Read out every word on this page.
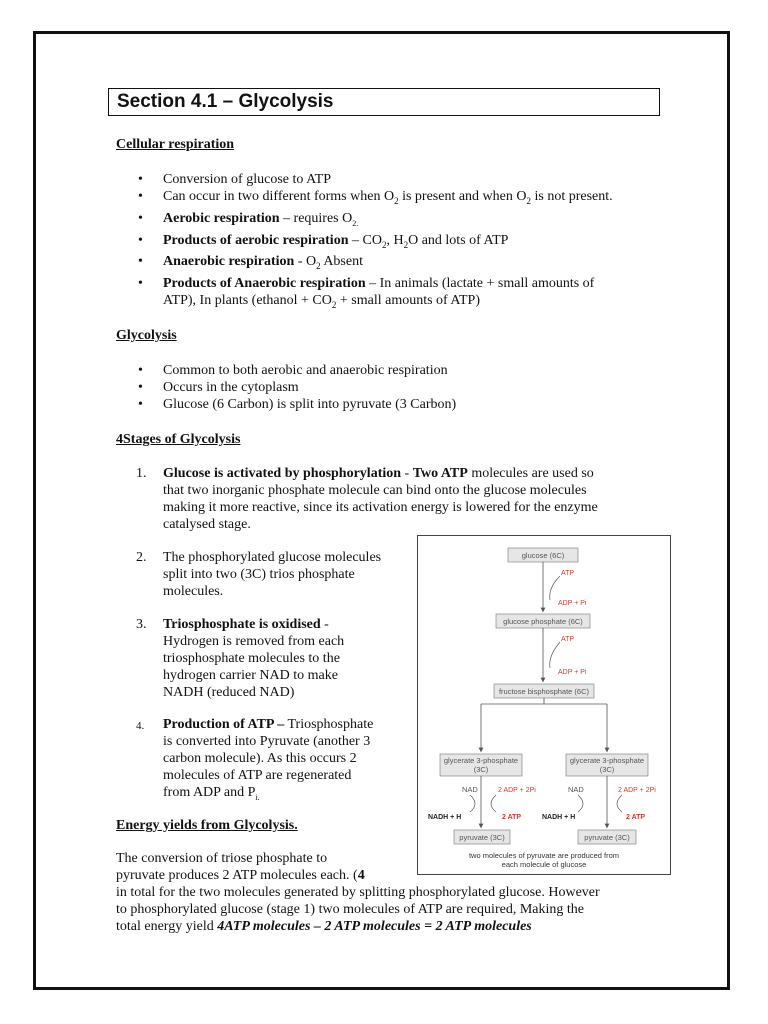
Section 4.1 – Glycolysis
Cellular respiration
• Conversion of glucose to ATP
• Can occur in two different forms when $O_2$ is present and when $O_2$ is not present.
• Aerobic respiration – requires $O_{2.}$
• Products of aerobic respiration – $CO_2$, $H_2O$ and lots of ATP
• Anaerobic respiration - $O_2$ Absent
• Products of Anaerobic respiration – In animals (lactate + small amounts of
ATP), In plants (ethanol + $CO_2$ + small amounts of ATP)
Glycolysis
• Common to both aerobic and anaerobic respiration
• Occurs in the cytoplasm
• Glucose (6 Carbon) is split into pyruvate (3 Carbon)
4Stages of Glycolysis
1. Glucose is activated by phosphorylation - Two ATP molecules are used so
that two inorganic phosphate molecule can bind onto the glucose molecules
making it more reactive, since its activation energy is lowered for the enzyme
catalysed stage.
2. The phosphorylated glucose molecules
split into two (3C) trios phosphate
molecules.
3. Triosphosphate is oxidised -
Hydrogen is removed from each
triosphosphate molecules to the
hydrogen carrier NAD to make
NADH (reduced NAD)
4. Production of ATP – Triosphosphate
is converted into Pyruvate (another 3
carbon molecule). As this occurs 2
molecules of ATP are regenerated
from ADP and $P_{i.}$
Energy yields from Glycolysis.
The conversion of triose phosphate to
pyruvate produces 2 ATP molecules each. (4
in total for the two molecules generated by splitting phosphorylated glucose. However
to phosphorylated glucose (stage 1) two molecules of ATP are required, Making the
total energy yield 4ATP molecules – 2 ATP molecules = 2 ATP molecules
glucose (6C)
ATP
ADP + Pi
glucose phosphate (6C)
ATP
ADP + Pi
fructose bisphosphate (6C)
glycerate 3-phosphate
(3C)
glycerate 3-phosphate
(3C)
NAD
NADH + H
2 ADP + 2Pi
2 ATP
NAD
NADH + H
2 ADP + 2Pi
2 ATP
pyruvate (3C)	pyruvate (3C)
two molecules of pyruvate are produced from
each molecule of glucose
